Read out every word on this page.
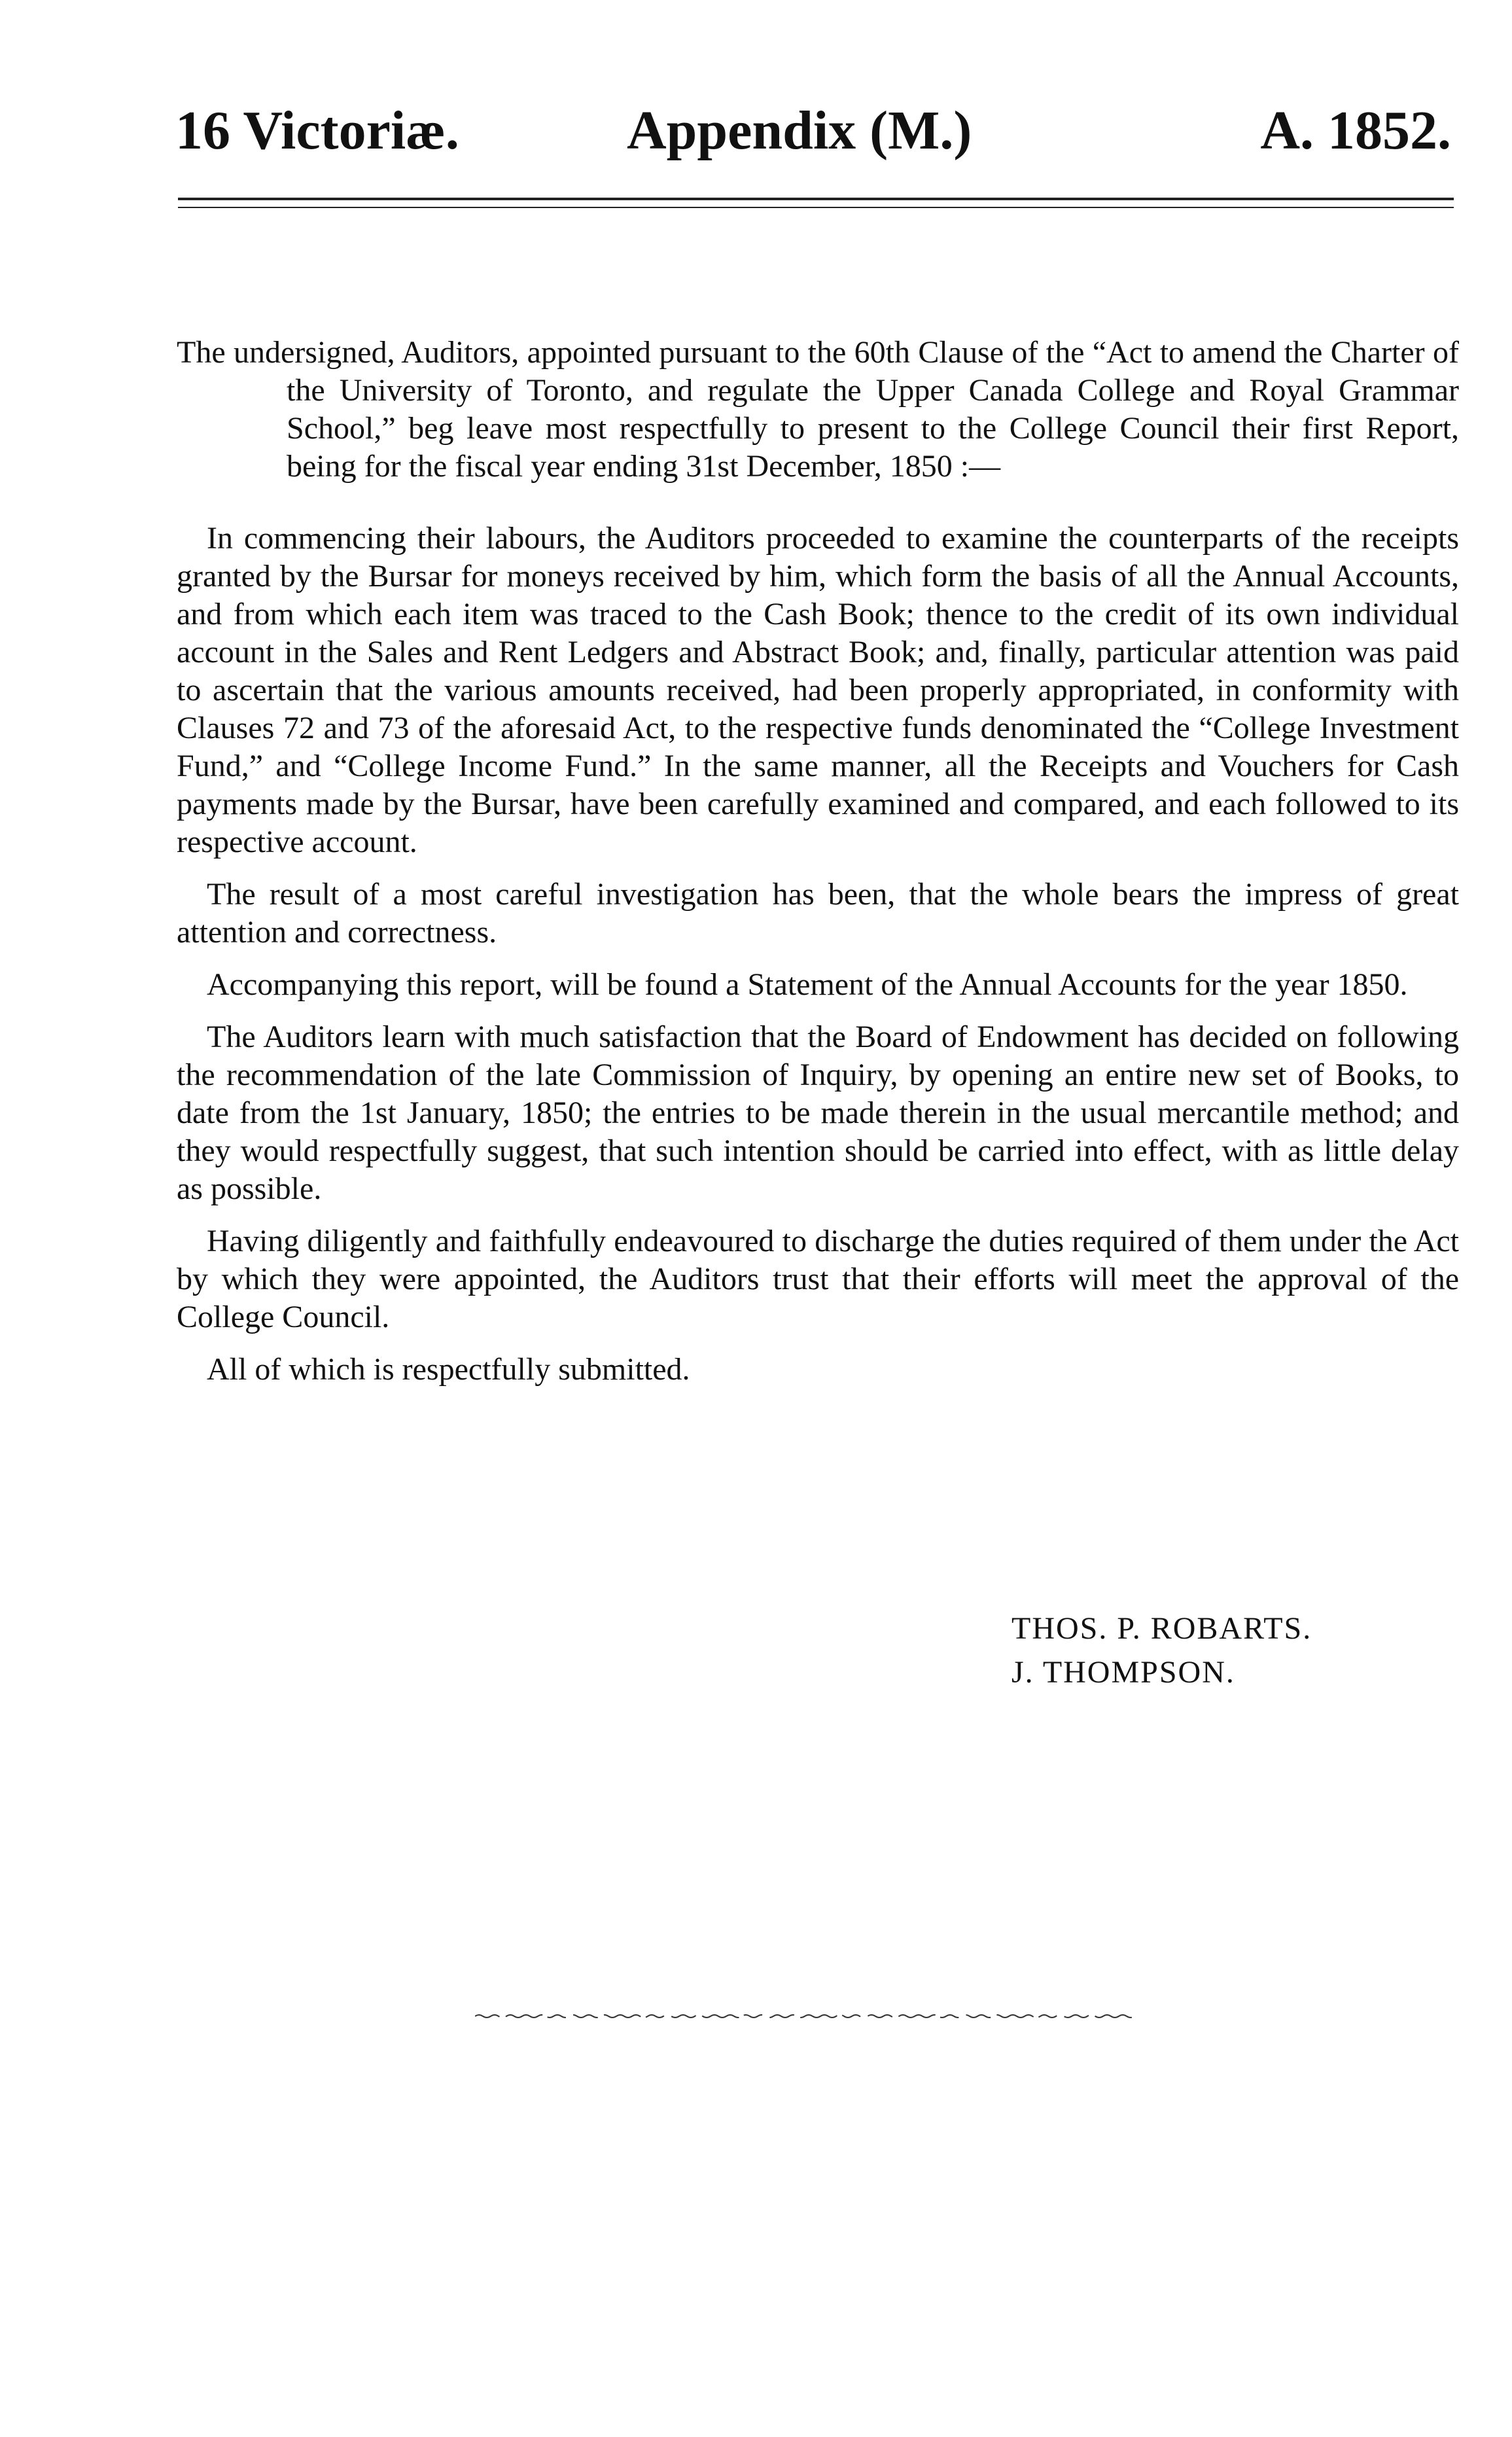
16 Victoriæ.	Appendix (M.)	A. 1852.

The undersigned, Auditors, appointed pursuant to the 60th Clause of the “Act to amend the Charter of the University of Toronto, and regulate the Upper Canada College and Royal Grammar School,” beg leave most respectfully to present to the College Council their first Report, being for the fiscal year ending 31st December, 1850 :—

In commencing their labours, the Auditors proceeded to examine the counterparts of the receipts granted by the Bursar for moneys received by him, which form the basis of all the Annual Accounts, and from which each item was traced to the Cash Book; thence to the credit of its own individual account in the Sales and Rent Ledgers and Abstract Book; and, finally, particular attention was paid to ascertain that the various amounts received, had been properly appropriated, in conformity with Clauses 72 and 73 of the aforesaid Act, to the respective funds denominated the “College Investment Fund,” and “College Income Fund.” In the same manner, all the Receipts and Vouchers for Cash payments made by the Bursar, have been carefully examined and compared, and each followed to its respective account.

The result of a most careful investigation has been, that the whole bears the impress of great attention and correctness.

Accompanying this report, will be found a Statement of the Annual Accounts for the year 1850.

The Auditors learn with much satisfaction that the Board of Endowment has decided on following the recommendation of the late Commission of Inquiry, by opening an entire new set of Books, to date from the 1st January, 1850; the entries to be made therein in the usual mercantile method; and they would respectfully suggest, that such intention should be carried into effect, with as little delay as possible.

Having diligently and faithfully endeavoured to discharge the duties required of them under the Act by which they were appointed, the Auditors trust that their efforts will meet the approval of the College Council.

All of which is respectfully submitted.

THOS. P. ROBARTS.
J. THOMPSON.
